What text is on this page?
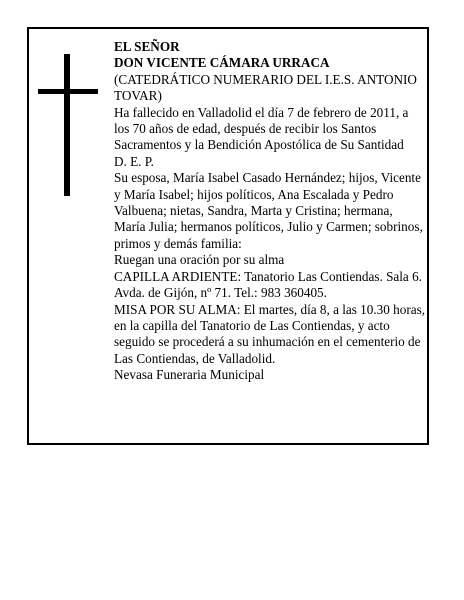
EL SEÑOR

DON VICENTE CÁMARA URRACA

(CATEDRÁTICO NUMERARIO DEL I.E.S. ANTONIO TOVAR)

Ha fallecido en Valladolid el día 7 de febrero de 2011, a los 70 años de edad, después de recibir los Santos Sacramentos y la Bendición Apostólica de Su Santidad

D. E. P.

Su esposa, María Isabel Casado Hernández; hijos, Vicente y María Isabel; hijos políticos, Ana Escalada y Pedro Valbuena; nietas, Sandra, Marta y Cristina; hermana, María Julia; hermanos políticos, Julio y Carmen; sobrinos, primos y demás familia:

Ruegan una oración por su alma

CAPILLA ARDIENTE: Tanatorio Las Contiendas. Sala 6. Avda. de Gijón, nº 71. Tel.: 983 360405.

MISA POR SU ALMA: El martes, día 8, a las 10.30 horas, en la capilla del Tanatorio de Las Contiendas, y acto seguido se procederá a su inhumación en el cementerio de Las Contiendas, de Valladolid.

Nevasa Funeraria Municipal
